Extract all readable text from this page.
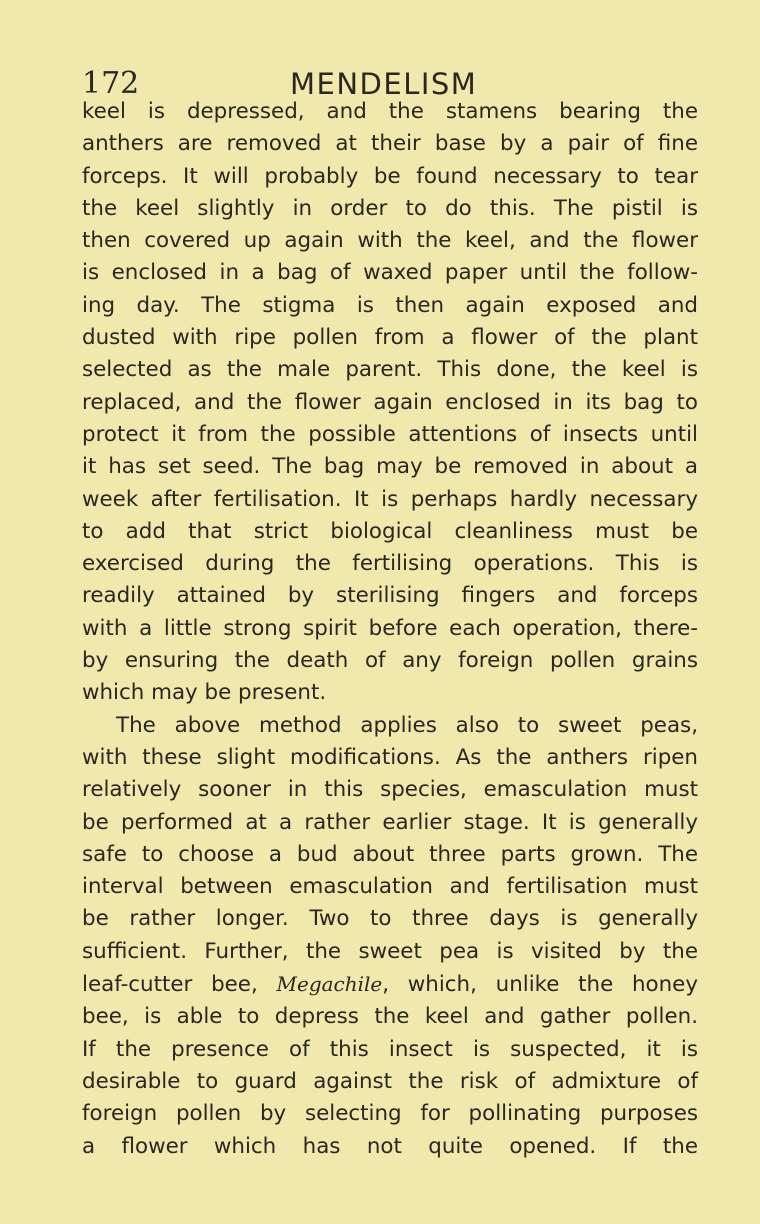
172	MENDELISM
keel is depressed, and the stamens bearing the
anthers are removed at their base by a pair of fine
forceps. It will probably be found necessary to tear
the keel slightly in order to do this. The pistil is
then covered up again with the keel, and the flower
is enclosed in a bag of waxed paper until the follow-
ing day. The stigma is then again exposed and
dusted with ripe pollen from a flower of the plant
selected as the male parent. This done, the keel is
replaced, and the flower again enclosed in its bag to
protect it from the possible attentions of insects until
it has set seed. The bag may be removed in about a
week after fertilisation. It is perhaps hardly necessary
to add that strict biological cleanliness must be
exercised during the fertilising operations. This is
readily attained by sterilising fingers and forceps
with a little strong spirit before each operation, there-
by ensuring the death of any foreign pollen grains
which may be present.
The above method applies also to sweet peas,
with these slight modifications. As the anthers ripen
relatively sooner in this species, emasculation must
be performed at a rather earlier stage. It is generally
safe to choose a bud about three parts grown. The
interval between emasculation and fertilisation must
be rather longer. Two to three days is generally
sufficient. Further, the sweet pea is visited by the
leaf-cutter bee, Megachile, which, unlike the honey
bee, is able to depress the keel and gather pollen.
If the presence of this insect is suspected, it is
desirable to guard against the risk of admixture of
foreign pollen by selecting for pollinating purposes
a flower which has not quite opened. If the
